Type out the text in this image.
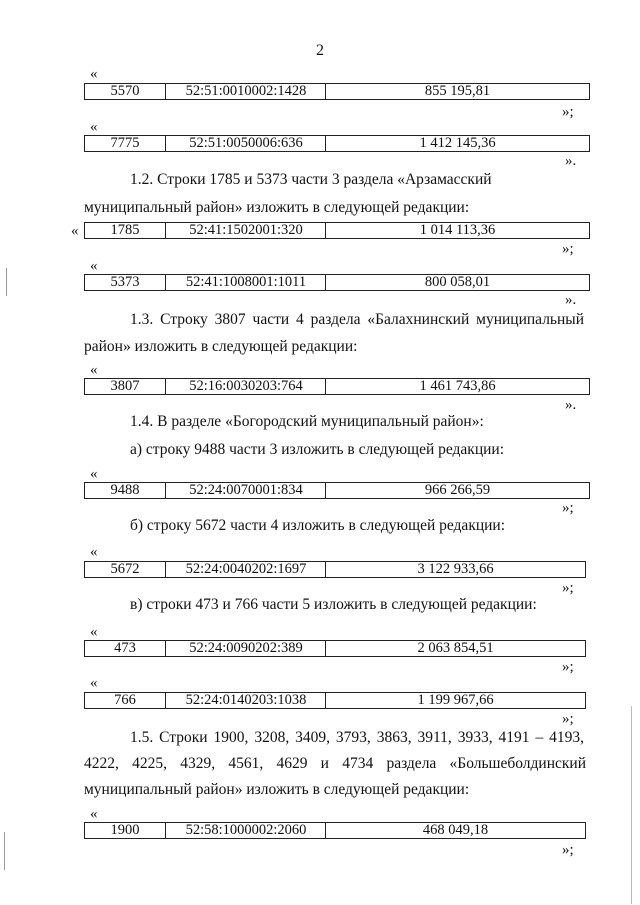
2
«
5570	52:51:0010002:1428	855 195,81
»;
«
7775	52:51:0050006:636	1 412 145,36
».
1.2. Строки 1785 и 5373 части 3 раздела «Арзамасский
муниципальный район» изложить в следующей редакции:
«	1785	52:41:1502001:320	1 014 113,36
»;
«
5373	52:41:1008001:1011	800 058,01
».
1.3. Строку 3807 части 4 раздела «Балахнинский муниципальный
район» изложить в следующей редакции:
«
3807	52:16:0030203:764	1 461 743,86
».
1.4. В разделе «Богородский муниципальный район»:
а) строку 9488 части 3 изложить в следующей редакции:
«
9488	52:24:0070001:834	966 266,59
»;
б) строку 5672 части 4 изложить в следующей редакции:
«
5672	52:24:0040202:1697	3 122 933,66
»;
в) строки 473 и 766 части 5 изложить в следующей редакции:
«
473	52:24:0090202:389	2 063 854,51
»;
«
766	52:24:0140203:1038	1 199 967,66
»;
1.5. Строки 1900, 3208, 3409, 3793, 3863, 3911, 3933, 4191 – 4193,
4222, 4225, 4329, 4561, 4629 и 4734 раздела «Большеболдинский
муниципальный район» изложить в следующей редакции:
«
1900	52:58:1000002:2060	468 049,18
»;
